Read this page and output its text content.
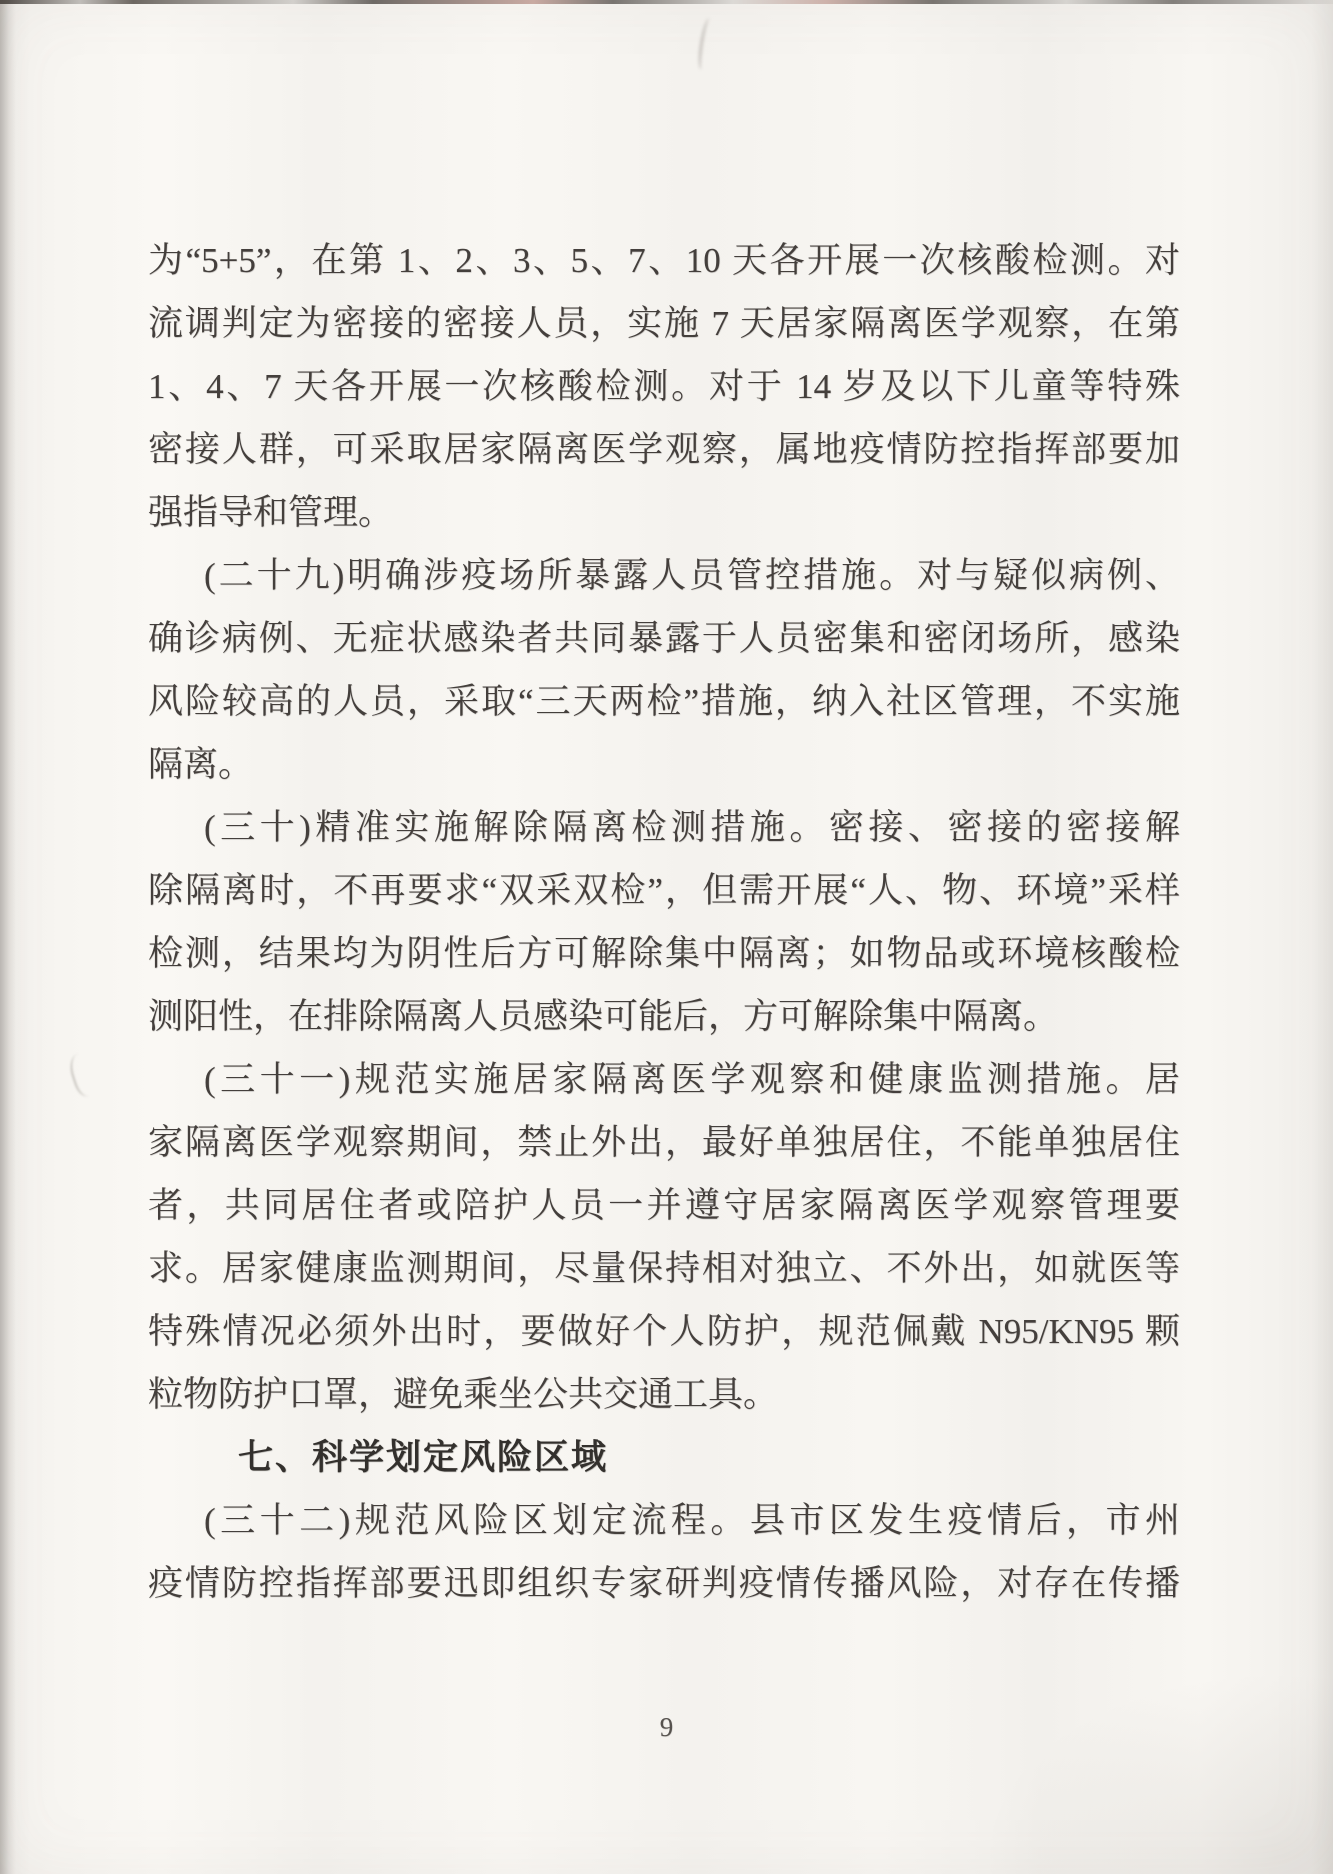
为“5+5”，在第 1、2、3、5、7、10 天各开展一次核酸检测。对
流调判定为密接的密接人员，实施 7 天居家隔离医学观察，在第
1、4、7 天各开展一次核酸检测。对于 14 岁及以下儿童等特殊
密接人群，可采取居家隔离医学观察，属地疫情防控指挥部要加
强指导和管理。
(二十九)明确涉疫场所暴露人员管控措施。对与疑似病例、
确诊病例、无症状感染者共同暴露于人员密集和密闭场所，感染
风险较高的人员，采取“三天两检”措施，纳入社区管理，不实施
隔离。
(三十)精准实施解除隔离检测措施。密接、密接的密接解
除隔离时，不再要求“双采双检”，但需开展“人、物、环境”采样
检测，结果均为阴性后方可解除集中隔离；如物品或环境核酸检
测阳性，在排除隔离人员感染可能后，方可解除集中隔离。
(三十一)规范实施居家隔离医学观察和健康监测措施。居
家隔离医学观察期间，禁止外出，最好单独居住，不能单独居住
者，共同居住者或陪护人员一并遵守居家隔离医学观察管理要
求。居家健康监测期间，尽量保持相对独立、不外出，如就医等
特殊情况必须外出时，要做好个人防护，规范佩戴 N95/KN95 颗
粒物防护口罩，避免乘坐公共交通工具。
七、科学划定风险区域
(三十二)规范风险区划定流程。县市区发生疫情后，市州
疫情防控指挥部要迅即组织专家研判疫情传播风险，对存在传播
9
